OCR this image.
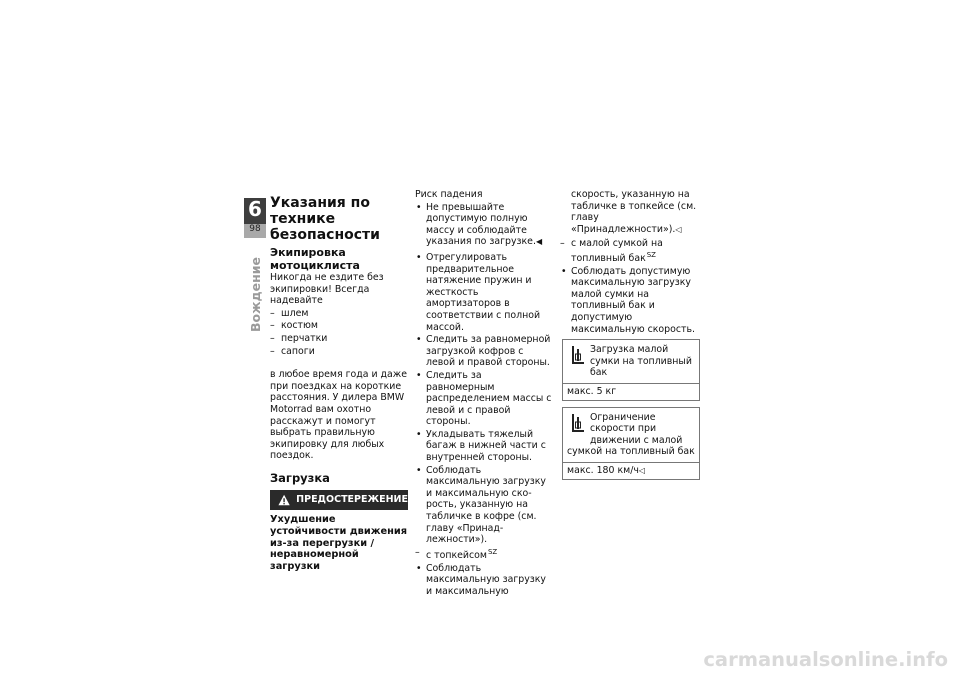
6
98
Вождение
Указания по технике безопасности
Экипировка мотоциклиста

Никогда не ездите без экипировки! Всегда надевайте

– шлем
– костюм
– перчатки
– сапоги

в любое время года и даже при поездках на короткие расстояния. У дилера BMW Motorrad вам охотно расскажут и помогут выбрать правильную экипировку для любых поездок.

Загрузка
ПРЕДОСТЕРЕЖЕНИЕ

Ухудшение устойчивости движения из-за перегрузки / неравномерной загрузки

Риск падения

• Не превышайте допустимую полную массу и соблюдайте указания по загрузке.◀
• Отрегулировать предварительное натяжение пружин и жесткость амортизаторов в соответствии с полной массой.
• Следить за равномерной загрузкой кофров с левой и правой стороны.
• Следить за равномерным распределением массы с левой и с правой стороны.
• Укладывать тяжелый багаж в нижней части с внутренней стороны.
• Соблюдать максимальную загрузку и максимальную скорость, указанную на табличке в кофре (см. главу «Принадлежности»).
– с топкейсом$^{SZ}$
• Соблюдать максимальную загрузку и максимальную

скорость, указанную на табличке в топкейсе (см. главу «Принадлежности»).◁

– с малой сумкой на топливный бак$^{SZ}$
• Соблюдать допустимую максимальную загрузку малой сумки на топливный бак и допустимую максимальную скорость.
Загрузка малой сумки на топливный бак
макс. 5 кг
Ограничение скорости при движении с малой
сумкой на топливный бак
макс. 180 км/ч◁
carmanualsonline.info
